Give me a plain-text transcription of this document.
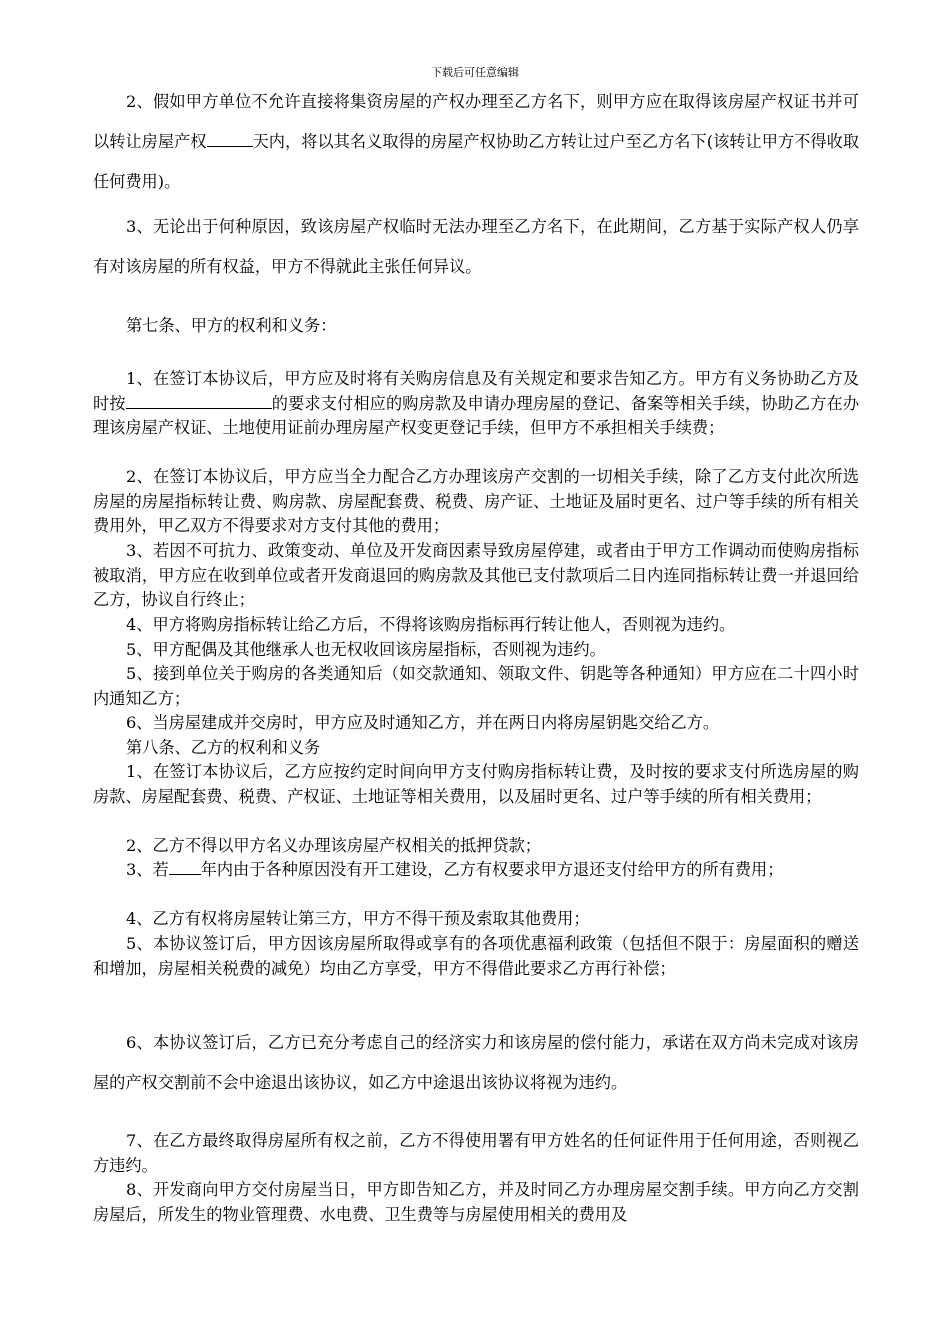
下载后可任意编辑

2、假如甲方单位不允许直接将集资房屋的产权办理至乙方名下，则甲方应在取得该房屋产权证书并可以转让房屋产权	天内，将以其名义取得的房屋产权协助乙方转让过户至乙方名下(该转让甲方不得收取任何费用)。

3、无论出于何种原因，致该房屋产权临时无法办理至乙方名下，在此期间，乙方基于实际产权人仍享有对该房屋的所有权益，甲方不得就此主张任何异议。

第七条、甲方的权利和义务：

1、在签订本协议后，甲方应及时将有关购房信息及有关规定和要求告知乙方。甲方有义务协助乙方及时按	的要求支付相应的购房款及申请办理房屋的登记、备案等相关手续，协助乙方在办理该房屋产权证、土地使用证前办理房屋产权变更登记手续，但甲方不承担相关手续费；

2、在签订本协议后，甲方应当全力配合乙方办理该房产交割的一切相关手续，除了乙方支付此次所选房屋的房屋指标转让费、购房款、房屋配套费、税费、房产证、土地证及届时更名、过户等手续的所有相关费用外，甲乙双方不得要求对方支付其他的费用；

3、若因不可抗力、政策变动、单位及开发商因素导致房屋停建，或者由于甲方工作调动而使购房指标被取消，甲方应在收到单位或者开发商退回的购房款及其他已支付款项后二日内连同指标转让费一并退回给乙方，协议自行终止；

4、甲方将购房指标转让给乙方后，不得将该购房指标再行转让他人，否则视为违约。

5、甲方配偶及其他继承人也无权收回该房屋指标，否则视为违约。

5、接到单位关于购房的各类通知后（如交款通知、领取文件、钥匙等各种通知）甲方应在二十四小时内通知乙方；

6、当房屋建成并交房时，甲方应及时通知乙方，并在两日内将房屋钥匙交给乙方。

第八条、乙方的权利和义务

1、在签订本协议后，乙方应按约定时间向甲方支付购房指标转让费，及时按的要求支付所选房屋的购房款、房屋配套费、税费、产权证、土地证等相关费用，以及届时更名、过户等手续的所有相关费用；

2、乙方不得以甲方名义办理该房屋产权相关的抵押贷款；

3、若 年内由于各种原因没有开工建设，乙方有权要求甲方退还支付给甲方的所有费用；

4、乙方有权将房屋转让第三方，甲方不得干预及索取其他费用；

5、本协议签订后，甲方因该房屋所取得或享有的各项优惠福利政策（包括但不限于：房屋面积的赠送和增加，房屋相关税费的减免）均由乙方享受，甲方不得借此要求乙方再行补偿；

6、本协议签订后，乙方已充分考虑自己的经济实力和该房屋的偿付能力，承诺在双方尚未完成对该房屋的产权交割前不会中途退出该协议，如乙方中途退出该协议将视为违约。

7、在乙方最终取得房屋所有权之前，乙方不得使用署有甲方姓名的任何证件用于任何用途，否则视乙方违约。

8、开发商向甲方交付房屋当日，甲方即告知乙方，并及时同乙方办理房屋交割手续。甲方向乙方交割房屋后，所发生的物业管理费、水电费、卫生费等与房屋使用相关的费用及
